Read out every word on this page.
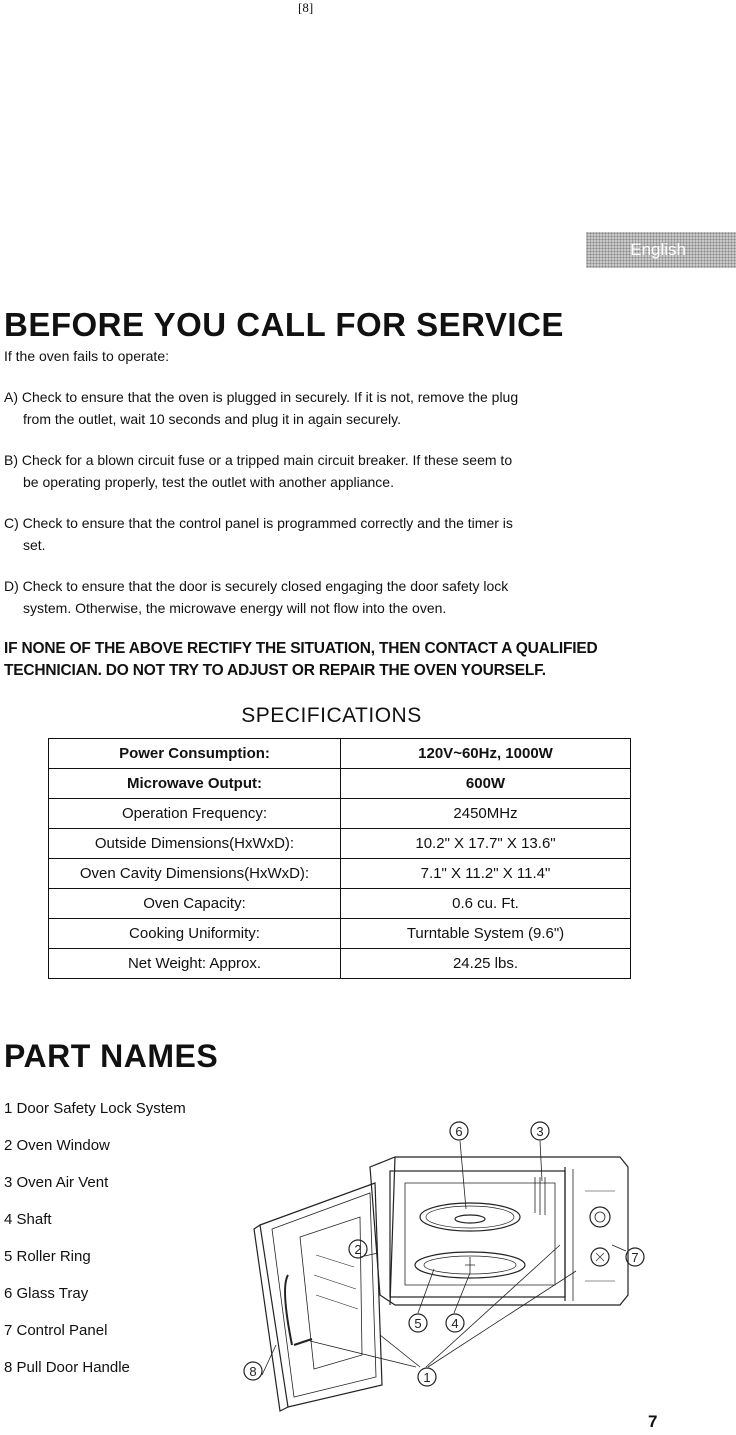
[8]
English
BEFORE YOU CALL FOR SERVICE
If the oven fails to operate:
A) Check to ensure that the oven is plugged in securely. If it is not, remove the plug
from the outlet, wait 10 seconds and plug it in again securely.
B) Check for a blown circuit fuse or a tripped main circuit breaker. If these seem to
be operating properly, test the outlet with another appliance.
C) Check to ensure that the control panel is programmed correctly and the timer is
set.
D) Check to ensure that the door is securely closed engaging the door safety lock
system. Otherwise, the microwave energy will not flow into the oven.
IF NONE OF THE ABOVE RECTIFY THE SITUATION, THEN CONTACT A QUALIFIED
TECHNICIAN. DO NOT TRY TO ADJUST OR REPAIR THE OVEN YOURSELF.
SPECIFICATIONS
Power Consumption:	120V~60Hz, 1000W
Microwave Output:	600W
Operation Frequency:	2450MHz
Outside Dimensions(HxWxD):	10.2" X 17.7" X 13.6"
Oven Cavity Dimensions(HxWxD):	7.1" X 11.2" X 11.4"
Oven Capacity:	0.6 cu. Ft.
Cooking Uniformity:	Turntable System (9.6")
Net Weight: Approx.	24.25 lbs.
PART NAMES
1 Door Safety Lock System
2 Oven Window
3 Oven Air Vent
4 Shaft
5 Roller Ring
6 Glass Tray
7 Control Panel
8 Pull Door Handle
6	3
2
7
5 4
8	1
7
